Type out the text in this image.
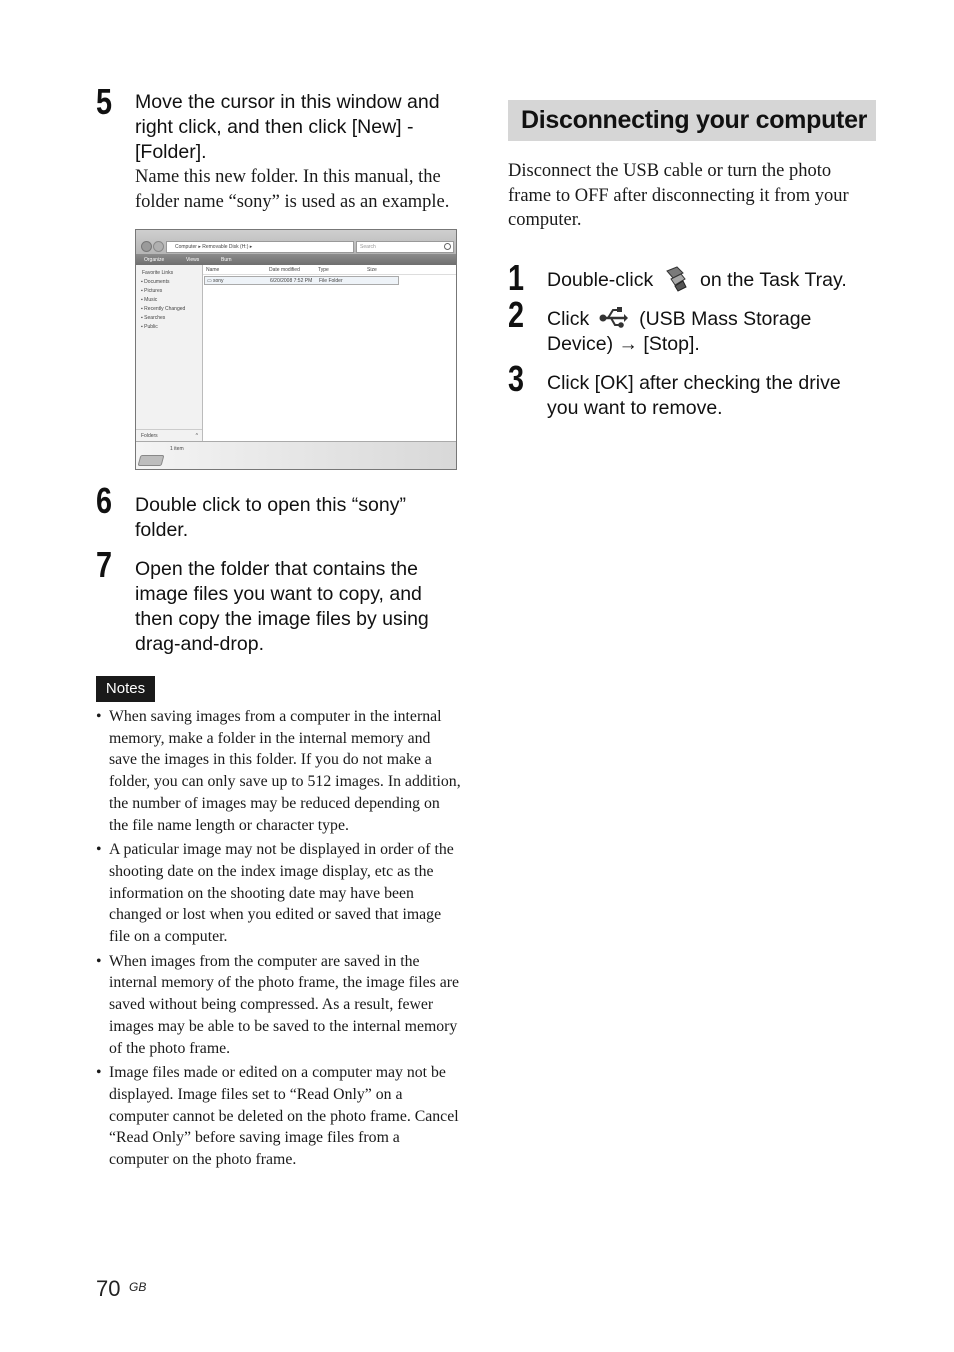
5 Move the cursor in this window and right click, and then click [New] - [Folder].
Name this new folder. In this manual, the folder name “sony” is used as an example.
Computer ▸ Removable Disk (H:) ▸	Search
Organize	Views	Burn
Favorite Links
▪ Documents
▪ Pictures
▪ Music
▪ Recently Changed
▪ Searches
▪ Public
Folders	^
Name	Date modified	Type	Size
▭ sony	6/20/2008 7:52 PM File Folder
1 item
6 Double click to open this “sony” folder.
7 Open the folder that contains the image files you want to copy, and then copy the image files by using drag-and-drop.
Notes
• When saving images from a computer in the internal memory, make a folder in the internal memory and save the images in this folder. If you do not make a folder, you can only save up to 512 images. In addition, the number of images may be reduced depending on the file name length or character type.
• A paticular image may not be displayed in order of the shooting date on the index image display, etc as the information on the shooting date may have been changed or lost when you edited or saved that image file on a computer.
• When images from the computer are saved in the internal memory of the photo frame, the image files are saved without being compressed. As a result, fewer images may be able to be saved to the internal memory of the photo frame.
• Image files made or edited on a computer may not be displayed. Image files set to “Read Only” on a computer cannot be deleted on the photo frame. Cancel “Read Only” before saving image files from a computer on the photo frame.
Disconnecting your computer
Disconnect the USB cable or turn the photo frame to OFF after disconnecting it from your computer.
1 Double-click on the Task Tray.
2 Click	(USB Mass Storage
Device) → [Stop].
3 Click [OK] after checking the drive you want to remove.
70 GB
